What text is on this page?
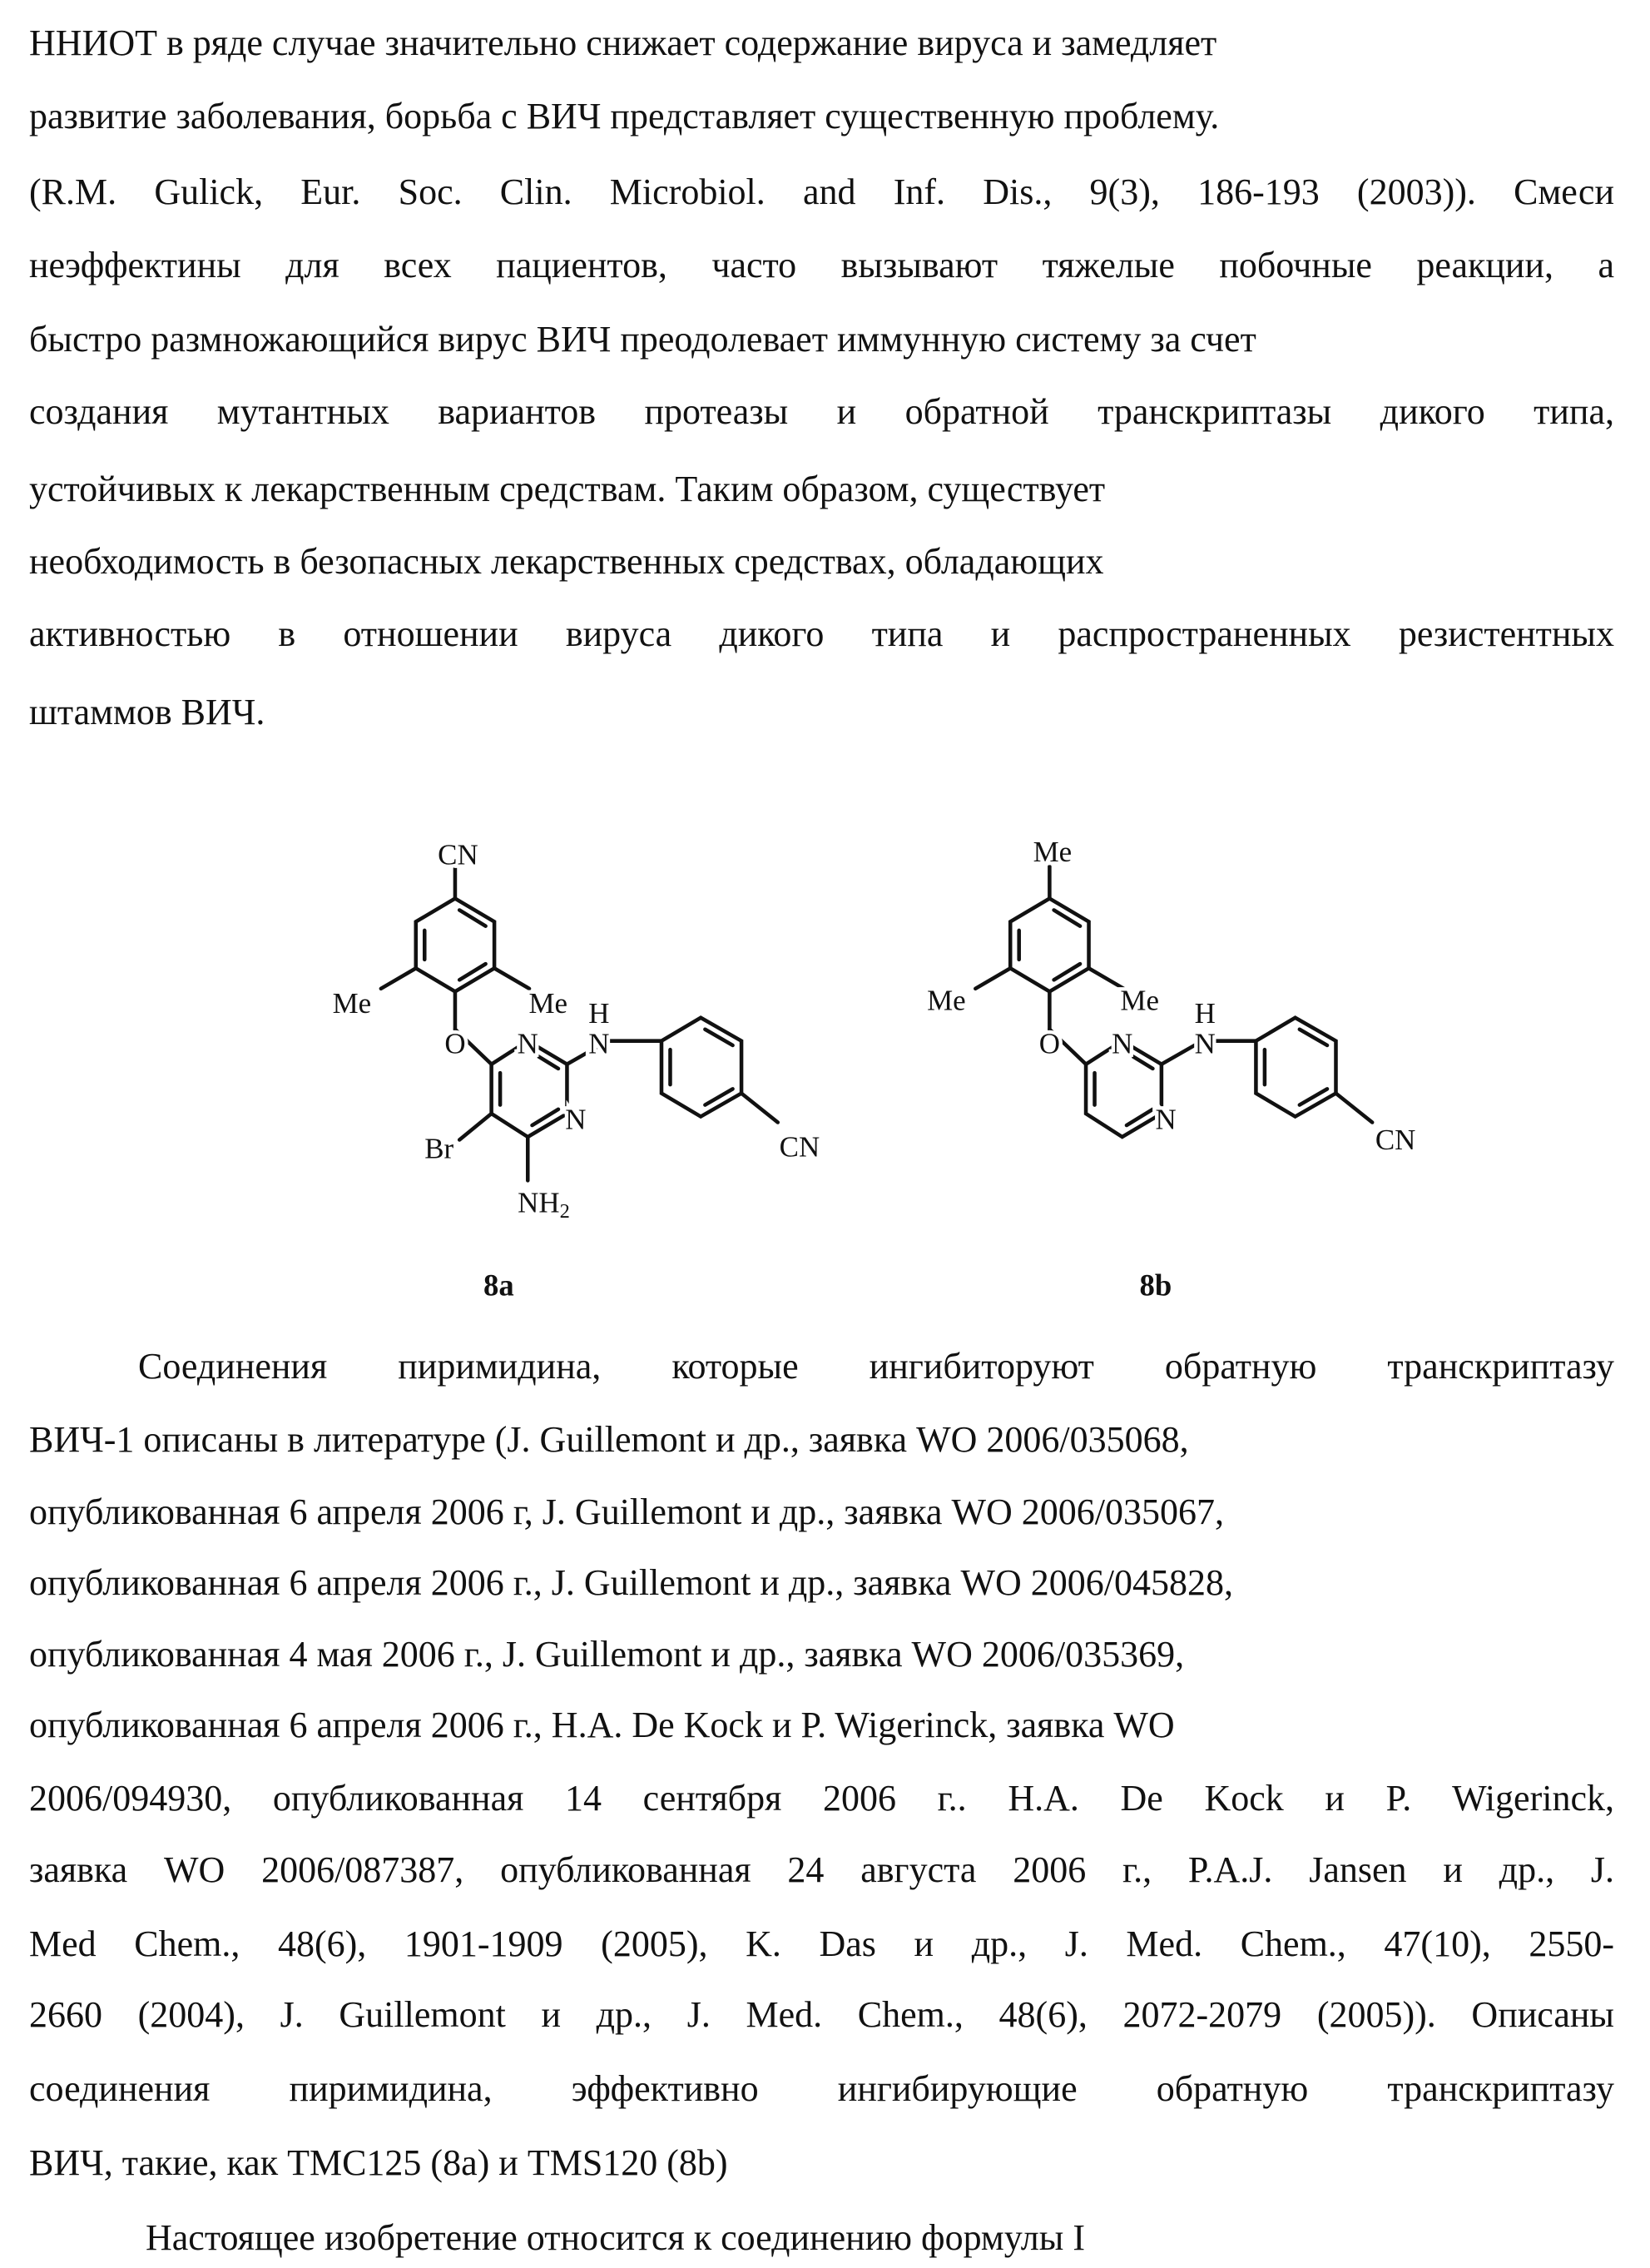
ННИОТ в ряде случае значительно снижает содержание вируса и замедляет
развитие заболевания, борьба с ВИЧ представляет существенную проблему.
(R.M. Gulick, Eur. Soc. Clin. Microbiol. and Inf. Dis., 9(3), 186-193 (2003)). Смеси
неэффектины для всех пациентов, часто вызывают тяжелые побочные реакции, а
быстро размножающийся вирус ВИЧ преодолевает иммунную систему за счет
создания мутантных вариантов протеазы и обратной транскриптазы дикого типа,
устойчивых к лекарственным средствам. Таким образом, существует
необходимость в безопасных лекарственных средствах, обладающих
активностью в отношении вируса дикого типа и распространенных резистентных
штаммов ВИЧ.
Соединения пиримидина, которые ингибиторуют обратную транскриптазу
ВИЧ-1 описаны в литературе (J. Guillemont и др., заявка WO 2006/035068,
опубликованная 6 апреля 2006 г, J. Guillemont и др., заявка WO 2006/035067,
опубликованная 6 апреля 2006 г., J. Guillemont и др., заявка WO 2006/045828,
опубликованная 4 мая 2006 г., J. Guillemont и др., заявка WO 2006/035369,
опубликованная 6 апреля 2006 г., H.A. De Kock и P. Wigerinck, заявка WO
2006/094930, опубликованная 14 сентября 2006 г.. H.A. De Kock и P. Wigerinck,
заявка WO 2006/087387, опубликованная 24 августа 2006 г., P.A.J. Jansen и др., J.
Med Chem., 48(6), 1901-1909 (2005), K. Das и др., J. Med. Chem., 47(10), 2550-
2660 (2004), J. Guillemont и др., J. Med. Chem., 48(6), 2072-2079 (2005)). Описаны
соединения пиримидина, эффективно ингибирующие обратную транскриптазу
ВИЧ, такие, как TMC125 (8a) и TMS120 (8b)
Настоящее изобретение относится к соединению формулы I
CN
Me	Me
O	N
N
N
H
Br
NH2
CN
8a
Me
Me	Me
O	N
N
N
H
CN
8b
